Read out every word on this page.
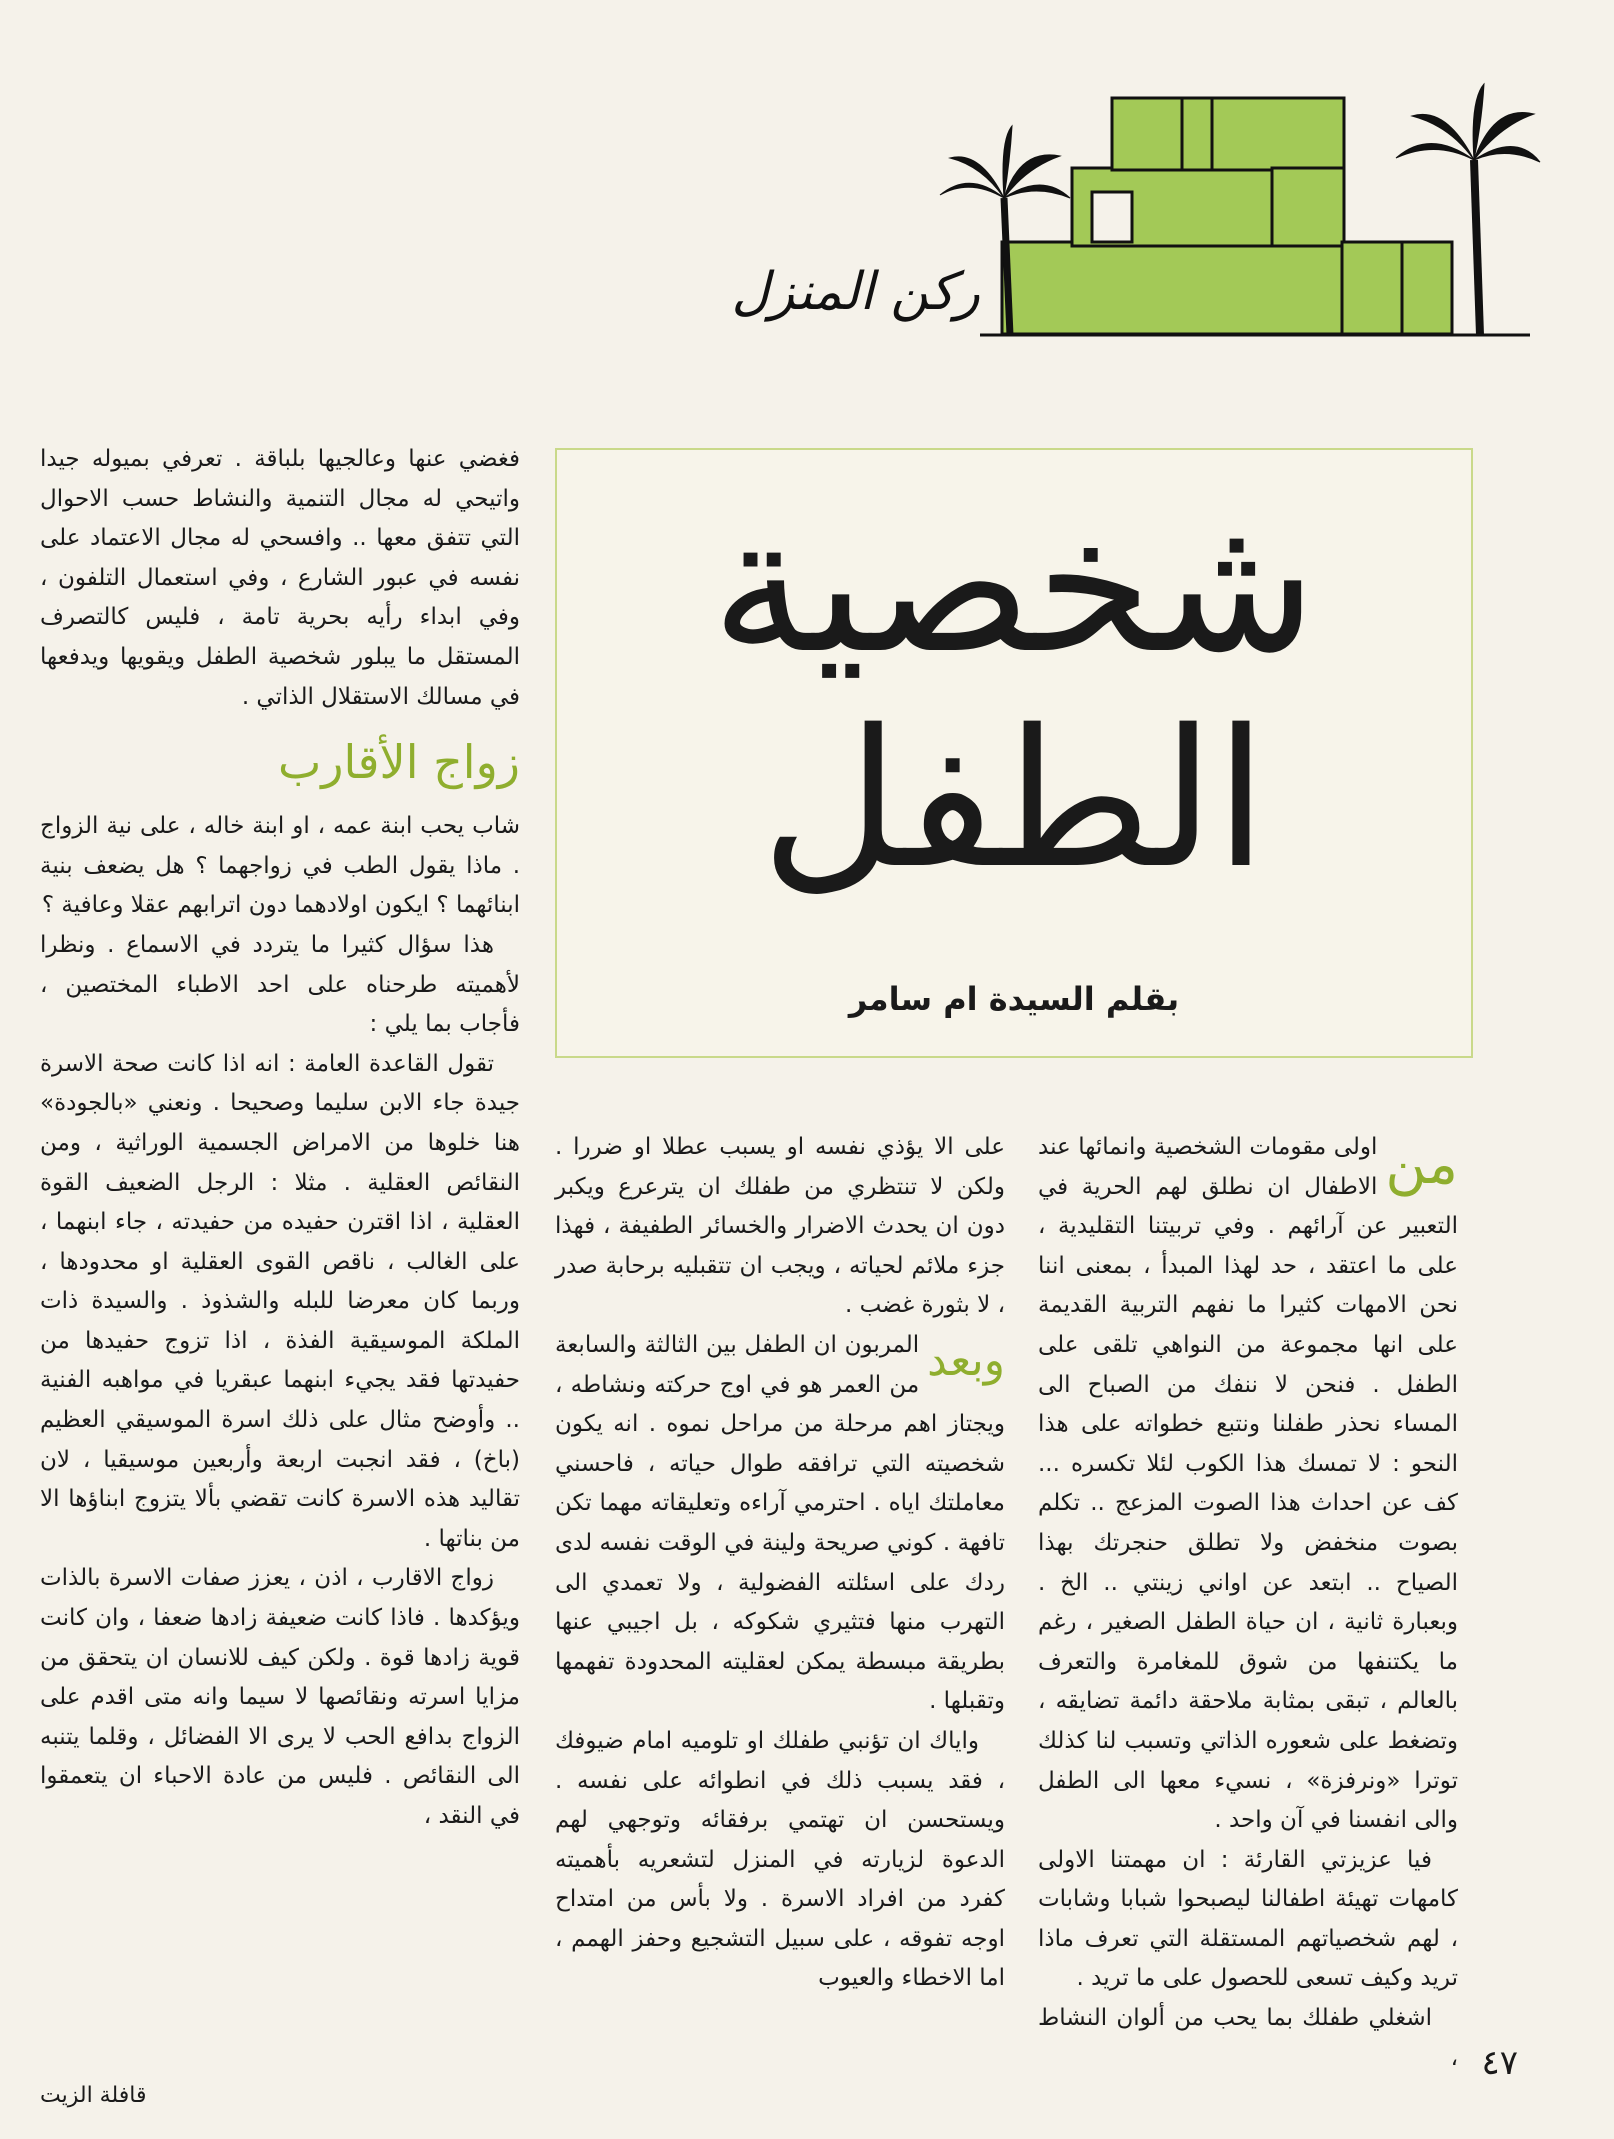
ركن المنزل
شخصية
الطفل
بقلم السيدة ام سامر
من

اولى مقومات الشخصية وانمائها عند الاطفال ان نطلق لهم الحرية في التعبير عن آرائهم . وفي تربيتنا التقليدية ، على ما اعتقد ، حد لهذا المبدأ ، بمعنى اننا نحن الامهات كثيرا ما نفهم التربية القديمة على انها مجموعة من النواهي تلقى على الطفل . فنحن لا ننفك من الصباح الى المساء نحذر طفلنا ونتبع خطواته على هذا النحو : لا تمسك هذا الكوب لئلا تكسره ... كف عن احداث هذا الصوت المزعج .. تكلم بصوت منخفض ولا تطلق حنجرتك بهذا الصياح .. ابتعد عن اواني زينتي .. الخ . وبعبارة ثانية ، ان حياة الطفل الصغير ، رغم ما يكتنفها من شوق للمغامرة والتعرف بالعالم ، تبقى بمثابة ملاحقة دائمة تضايقه ، وتضغط على شعوره الذاتي وتسبب لنا كذلك توترا «ونرفزة» ، نسيء معها الى الطفل والى انفسنا في آن واحد .

فيا عزيزتي القارئة : ان مهمتنا الاولى كامهات تهيئة اطفالنا ليصبحوا شبابا وشابات ، لهم شخصياتهم المستقلة التي تعرف ماذا تريد وكيف تسعى للحصول على ما تريد .

اشغلي طفلك بما يحب من ألوان النشاط ،

على الا يؤذي نفسه او يسبب عطلا او ضررا . ولكن لا تنتظري من طفلك ان يترعرع ويكبر دون ان يحدث الاضرار والخسائر الطفيفة ، فهذا جزء ملائم لحياته ، ويجب ان تتقبليه برحابة صدر ، لا بثورة غضب .

وبعد

المربون ان الطفل بين الثالثة والسابعة من العمر هو في اوج حركته ونشاطه ، ويجتاز اهم مرحلة من مراحل نموه . انه يكون شخصيته التي ترافقه طوال حياته ، فاحسني معاملتك اياه . احترمي آراءه وتعليقاته مهما تكن تافهة . كوني صريحة ولينة في الوقت نفسه لدى ردك على اسئلته الفضولية ، ولا تعمدي الى التهرب منها فتثيري شكوكه ، بل اجيبي عنها بطريقة مبسطة يمكن لعقليته المحدودة تفهمها وتقبلها .

واياك ان تؤنبي طفلك او تلوميه امام ضيوفك ، فقد يسبب ذلك في انطوائه على نفسه . ويستحسن ان تهتمي برفقائه وتوجهي لهم الدعوة لزيارته في المنزل لتشعريه بأهميته كفرد من افراد الاسرة . ولا بأس من امتداح اوجه تفوقه ، على سبيل التشجيع وحفز الهمم ، اما الاخطاء والعيوب

فغضي عنها وعالجيها بلباقة . تعرفي بميوله جيدا واتيحي له مجال التنمية والنشاط حسب الاحوال التي تتفق معها .. وافسحي له مجال الاعتماد على نفسه في عبور الشارع ، وفي استعمال التلفون ، وفي ابداء رأيه بحرية تامة ، فليس كالتصرف المستقل ما يبلور شخصية الطفل ويقويها ويدفعها في مسالك الاستقلال الذاتي .

زواج الأقارب

شاب يحب ابنة عمه ، او ابنة خاله ، على نية الزواج . ماذا يقول الطب في زواجهما ؟ هل يضعف بنية ابنائهما ؟ ايكون اولادهما دون اترابهم عقلا وعافية ؟

هذا سؤال كثيرا ما يتردد في الاسماع . ونظرا لأهميته طرحناه على احد الاطباء المختصين ، فأجاب بما يلي :

تقول القاعدة العامة : انه اذا كانت صحة الاسرة جيدة جاء الابن سليما وصحيحا . ونعني «بالجودة» هنا خلوها من الامراض الجسمية الوراثية ، ومن النقائص العقلية . مثلا : الرجل الضعيف القوة العقلية ، اذا اقترن حفيده من حفيدته ، جاء ابنهما ، على الغالب ، ناقص القوى العقلية او محدودها ، وربما كان معرضا للبله والشذوذ . والسيدة ذات الملكة الموسيقية الفذة ، اذا تزوج حفيدها من حفيدتها فقد يجيء ابنهما عبقريا في مواهبه الفنية .. وأوضح مثال على ذلك اسرة الموسيقي العظيم (باخ) ، فقد انجبت اربعة وأربعين موسيقيا ، لان تقاليد هذه الاسرة كانت تقضي بألا يتزوج ابناؤها الا من بناتها .

زواج الاقارب ، اذن ، يعزز صفات الاسرة بالذات ويؤكدها . فاذا كانت ضعيفة زادها ضعفا ، وان كانت قوية زادها قوة . ولكن كيف للانسان ان يتحقق من مزايا اسرته ونقائصها لا سيما وانه متى اقدم على الزواج بدافع الحب لا يرى الا الفضائل ، وقلما يتنبه الى النقائص . فليس من عادة الاحباء ان يتعمقوا في النقد ،

٤٧
قافلة الزيت
